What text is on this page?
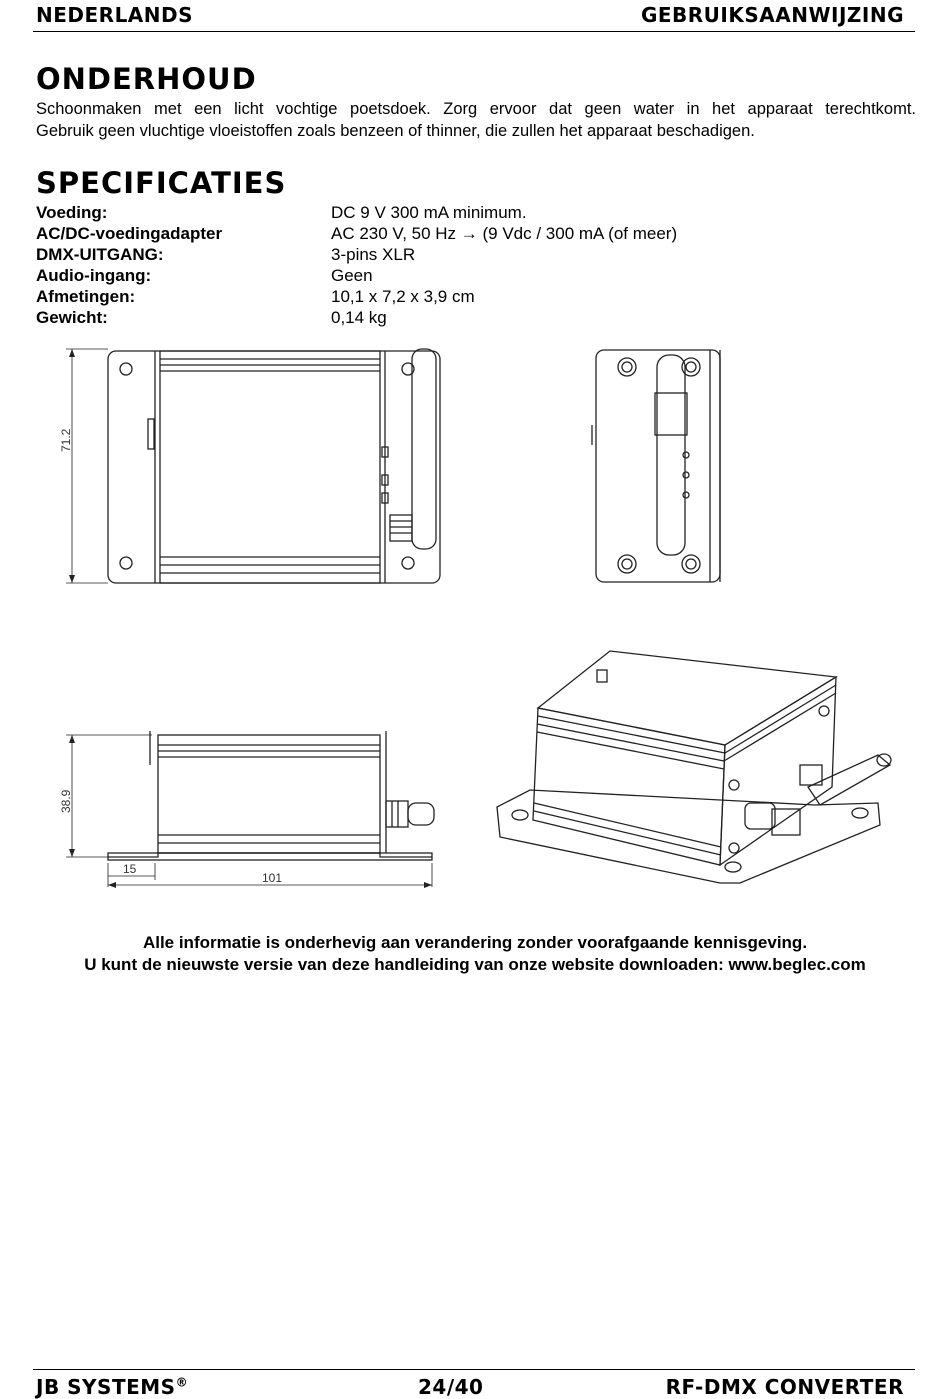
NEDERLANDS	GEBRUIKSAANWIJZING
ONDERHOUD
Schoonmaken met een licht vochtige poetsdoek. Zorg ervoor dat geen water in het apparaat terechtkomt.
Gebruik geen vluchtige vloeistoffen zoals benzeen of thinner, die zullen het apparaat beschadigen.
SPECIFICATIES
Voeding:	DC 9 V 300 mA minimum.
AC/DC-voedingadapter	AC 230 V, 50 Hz → (9 Vdc / 300 mA (of meer)
DMX-UITGANG:	3-pins XLR
Audio-ingang:	Geen
Afmetingen:	10,1 x 7,2 x 3,9 cm
Gewicht:	0,14 kg
71.2
38.9
15
101
Alle informatie is onderhevig aan verandering zonder voorafgaande kennisgeving.
U kunt de nieuwste versie van deze handleiding van onze website downloaden: www.beglec.com
JB SYSTEMS®	24/40	RF-DMX CONVERTER
